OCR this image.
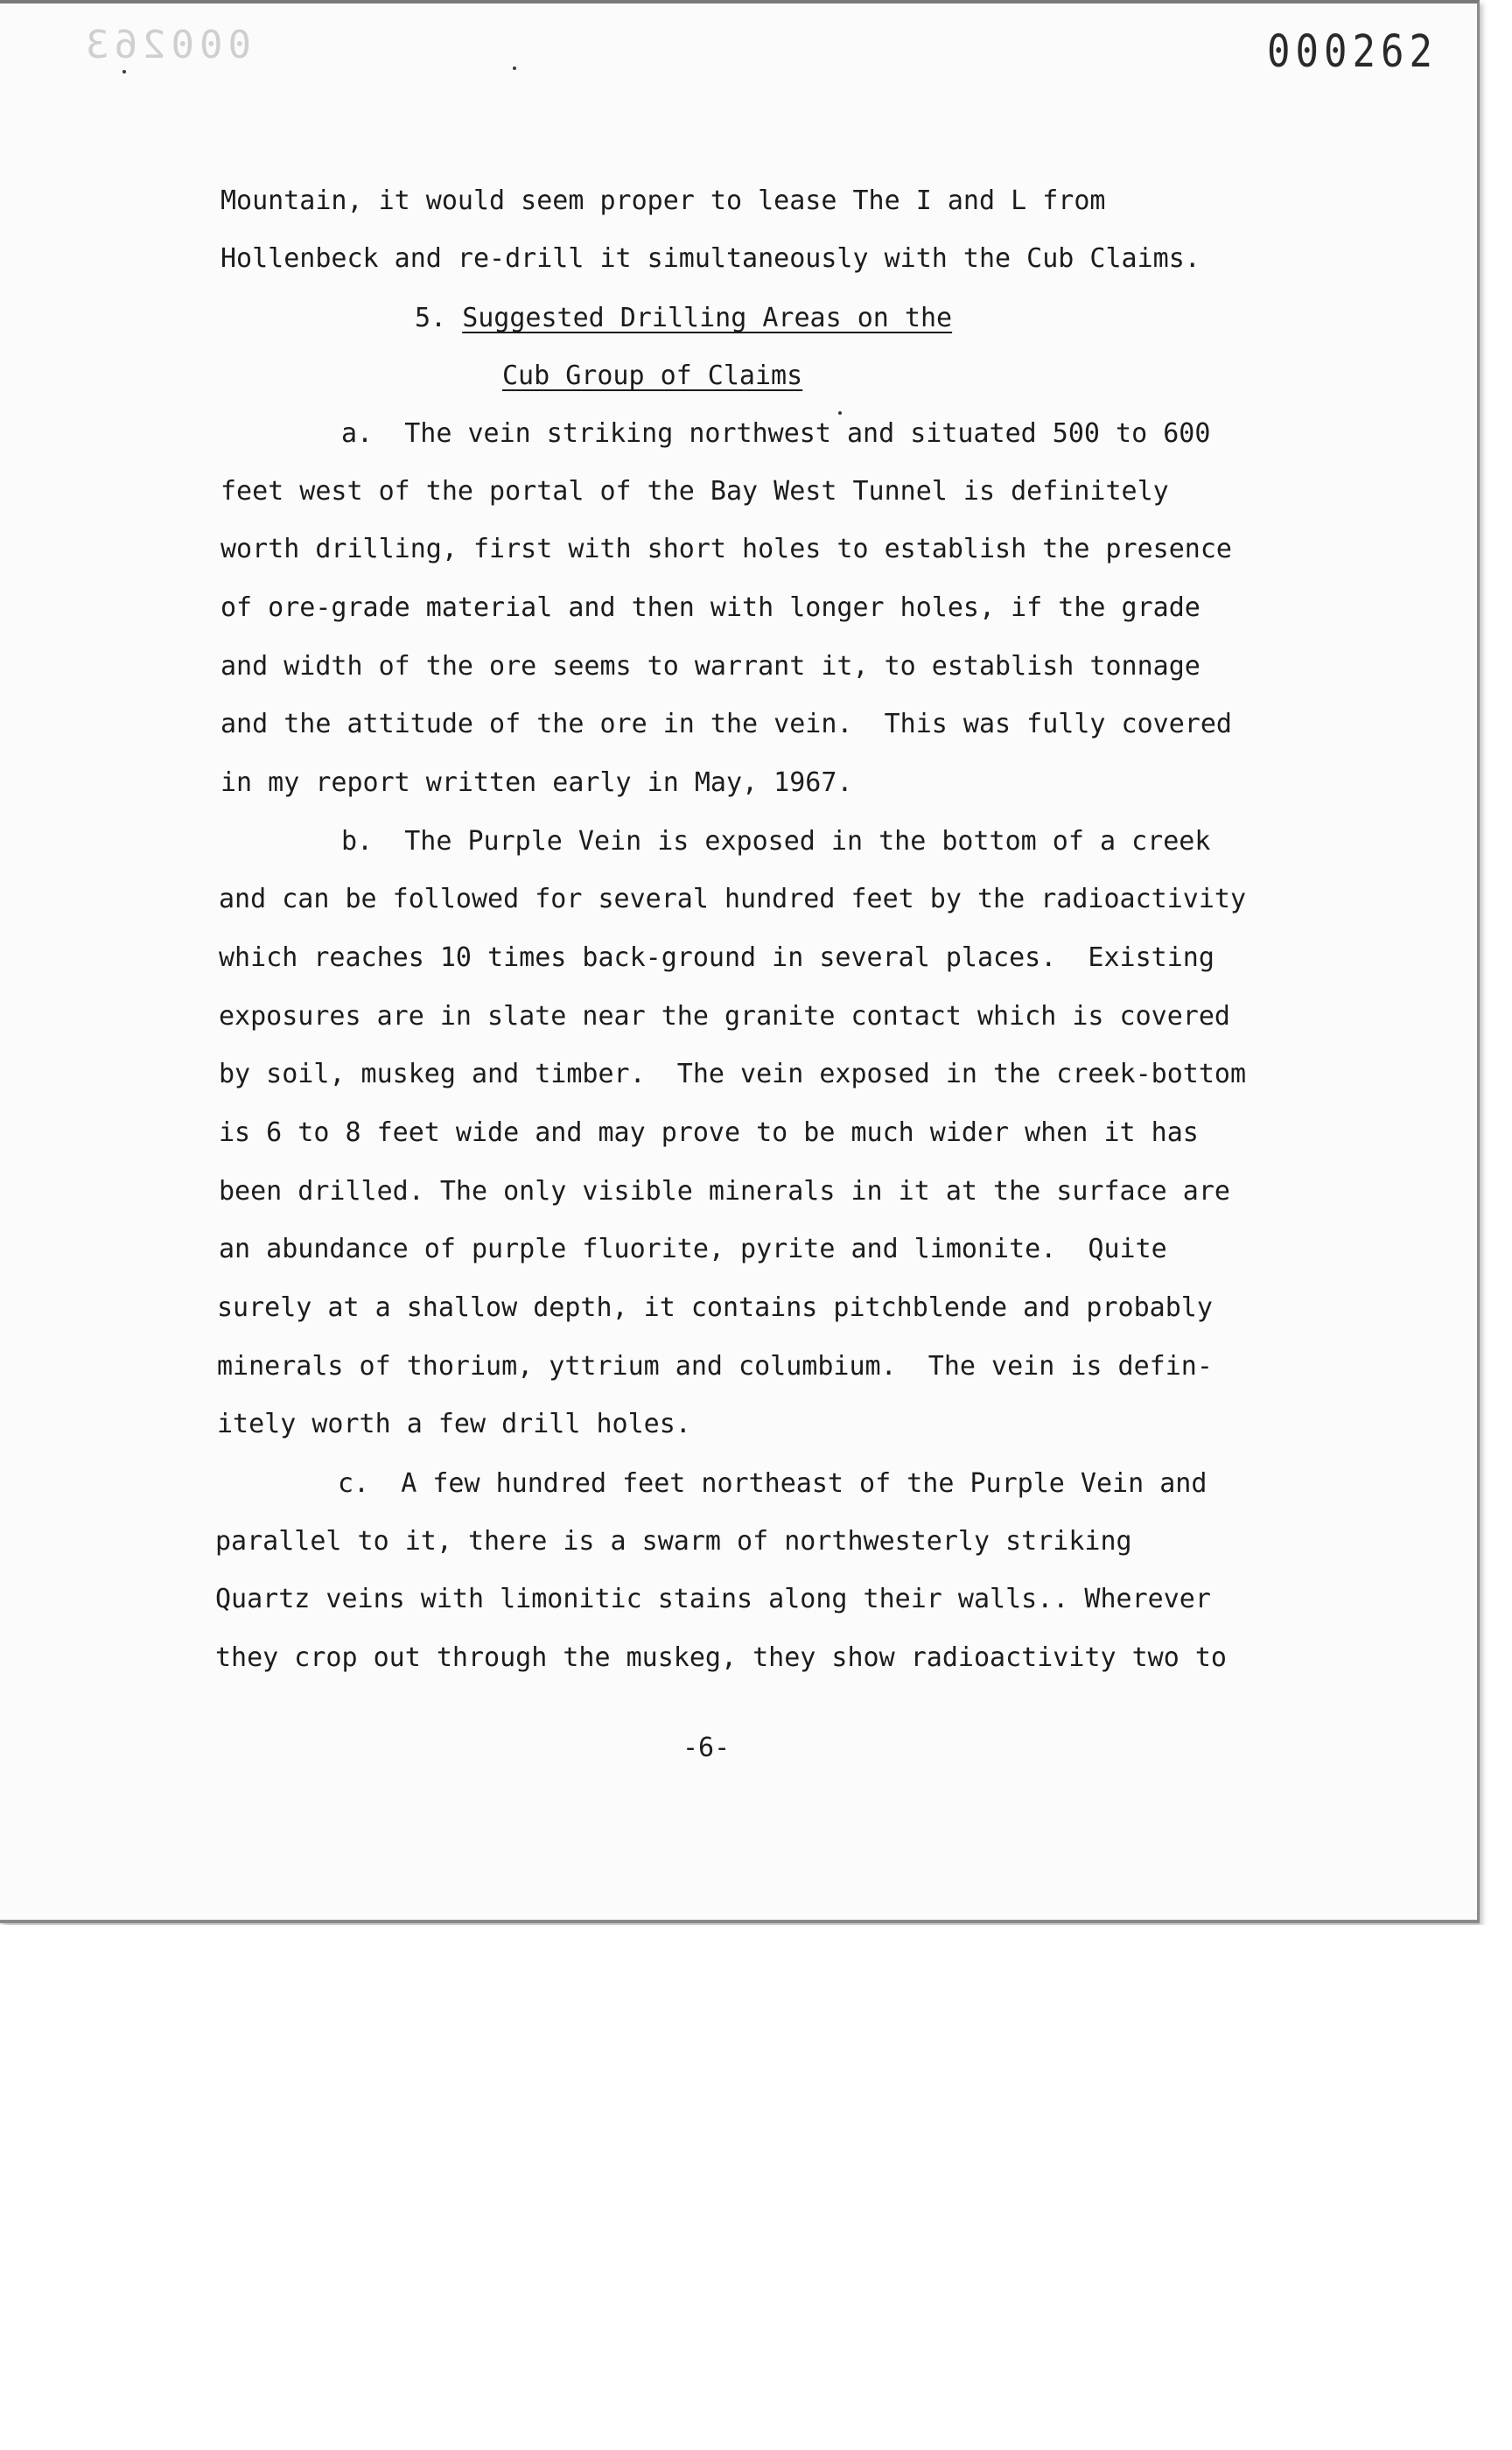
000263	000262
Mountain, it would seem proper to lease The I and L from
Hollenbeck and re-drill it simultaneously with the Cub Claims.
5. Suggested Drilling Areas on the
Cub Group of Claims
a.  The vein striking northwest and situated 500 to 600
feet west of the portal of the Bay West Tunnel is definitely
worth drilling, first with short holes to establish the presence
of ore-grade material and then with longer holes, if the grade
and width of the ore seems to warrant it, to establish tonnage
and the attitude of the ore in the vein.  This was fully covered
in my report written early in May, 1967.
b.  The Purple Vein is exposed in the bottom of a creek
and can be followed for several hundred feet by the radioactivity
which reaches 10 times back-ground in several places.  Existing
exposures are in slate near the granite contact which is covered
by soil, muskeg and timber.  The vein exposed in the creek-bottom
is 6 to 8 feet wide and may prove to be much wider when it has
been drilled. The only visible minerals in it at the surface are
an abundance of purple fluorite, pyrite and limonite.  Quite
surely at a shallow depth, it contains pitchblende and probably
minerals of thorium, yttrium and columbium.  The vein is defin-
itely worth a few drill holes.
c.  A few hundred feet northeast of the Purple Vein and
parallel to it, there is a swarm of northwesterly striking
Quartz veins with limonitic stains along their walls.. Wherever
they crop out through the muskeg, they show radioactivity two to
-6-
